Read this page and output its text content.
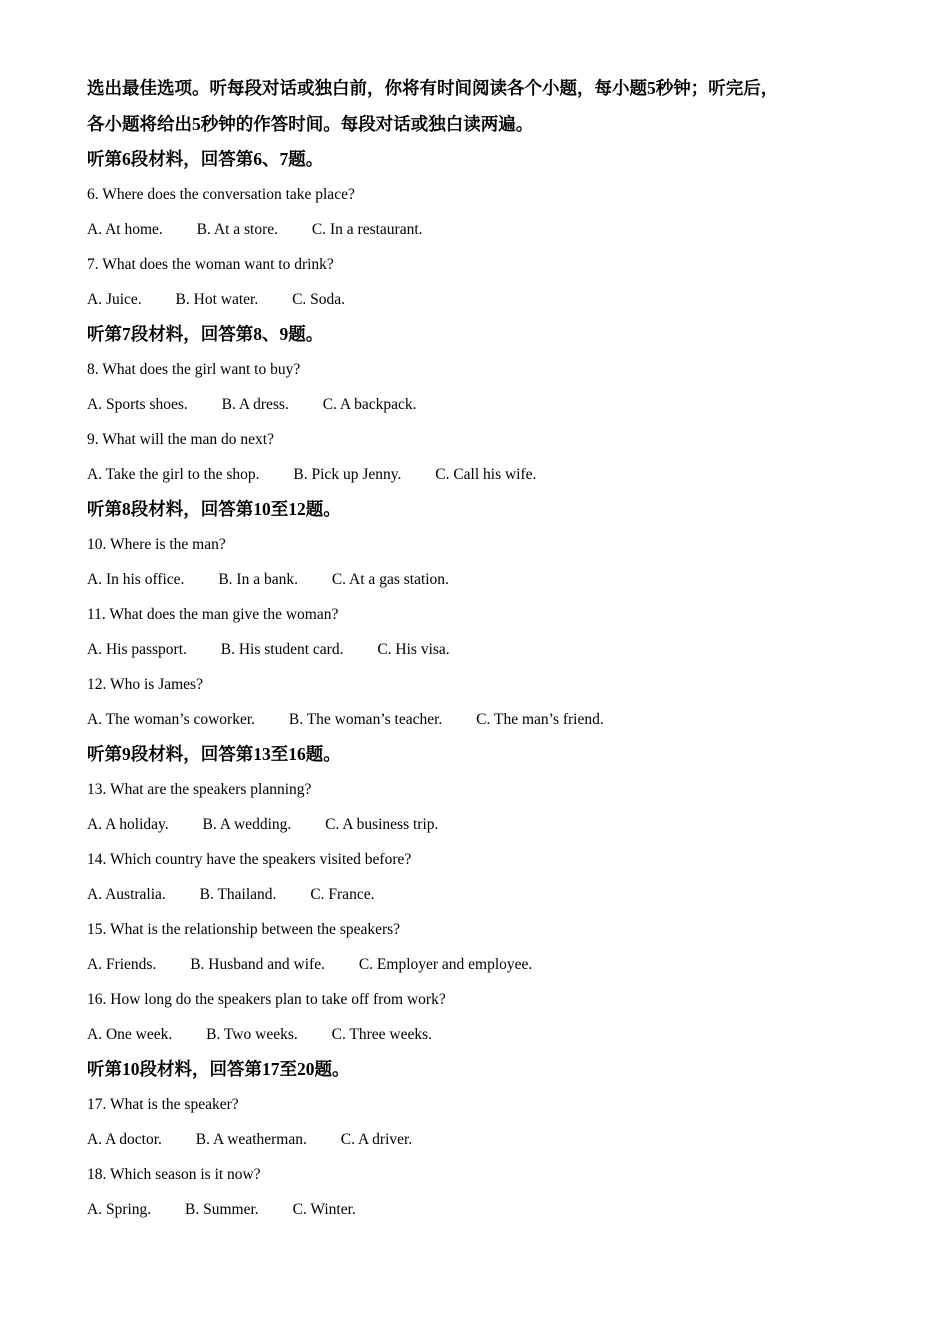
选出最佳选项。听每段对话或独白前，你将有时间阅读各个小题，每小题5秒钟；听完后，

各小题将给出5秒钟的作答时间。每段对话或独白读两遍。

听第6段材料，回答第6、7题。

6. Where does the conversation take place?

A. At home. B. At a store. C. In a restaurant.

7. What does the woman want to drink?

A. Juice. B. Hot water. C. Soda.

听第7段材料，回答第8、9题。

8. What does the girl want to buy?

A. Sports shoes. B. A dress. C. A backpack.

9. What will the man do next?

A. Take the girl to the shop. B. Pick up Jenny. C. Call his wife.

听第8段材料，回答第10至12题。

10. Where is the man?

A. In his office. B. In a bank. C. At a gas station.

11. What does the man give the woman?

A. His passport. B. His student card. C. His visa.

12. Who is James?

A. The woman’s coworker. B. The woman’s teacher. C. The man’s friend.

听第9段材料，回答第13至16题。

13. What are the speakers planning?

A. A holiday. B. A wedding. C. A business trip.

14. Which country have the speakers visited before?

A. Australia. B. Thailand. C. France.

15. What is the relationship between the speakers?

A. Friends. B. Husband and wife. C. Employer and employee.

16. How long do the speakers plan to take off from work?

A. One week. B. Two weeks. C. Three weeks.

听第10段材料，回答第17至20题。

17. What is the speaker?

A. A doctor. B. A weatherman. C. A driver.

18. Which season is it now?

A. Spring. B. Summer. C. Winter.
